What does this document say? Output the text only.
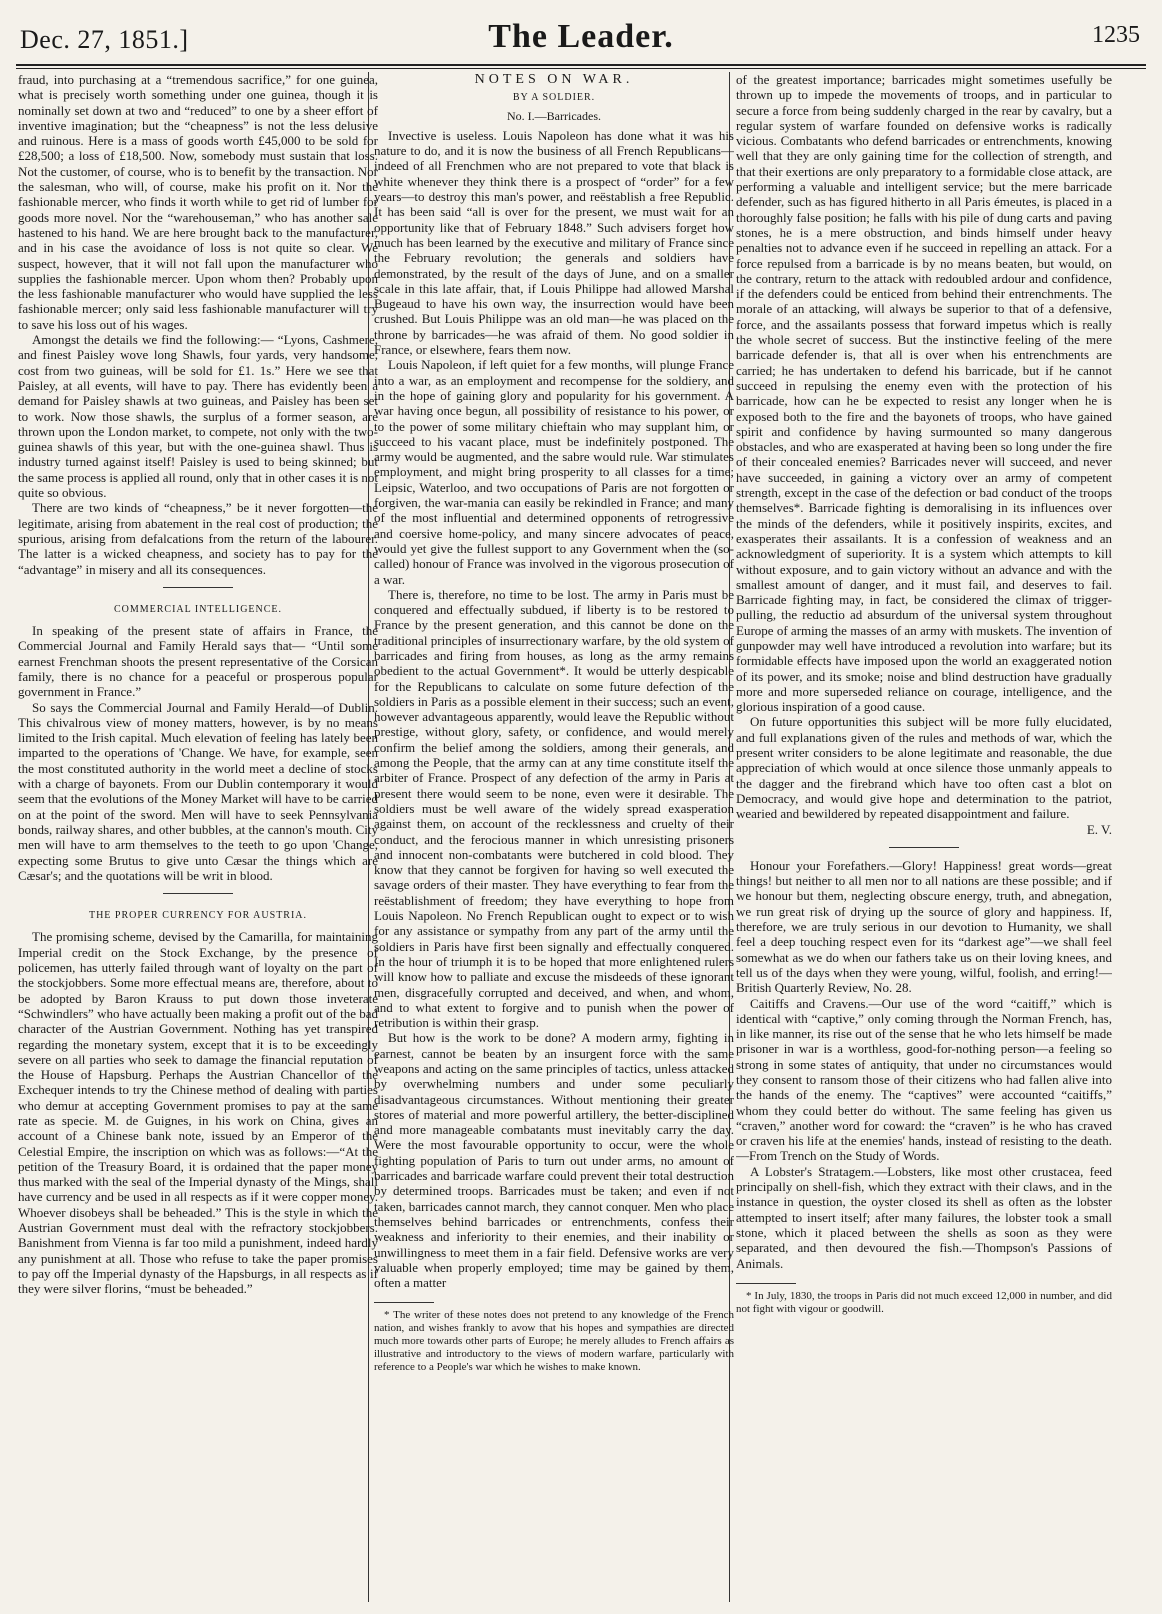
Dec. 27, 1851.]	The Leader.	1235

fraud, into purchasing at a “tremendous sacrifice,” for one guinea, what is precisely worth something under one guinea, though it is nominally set down at two and “reduced” to one by a sheer effort of inventive imagination; but the “cheapness” is not the less delusive and ruinous. Here is a mass of goods worth £45,000 to be sold for £28,500; a loss of £18,500. Now, somebody must sustain that loss. Not the customer, of course, who is to benefit by the transaction. Nor the salesman, who will, of course, make his profit on it. Nor the fashionable mercer, who finds it worth while to get rid of lumber for goods more novel. Nor the “warehouseman,” who has another sale hastened to his hand. We are here brought back to the manufacturer, and in his case the avoidance of loss is not quite so clear. We suspect, however, that it will not fall upon the manufacturer who supplies the fashionable mercer. Upon whom then? Probably upon the less fashionable manufacturer who would have supplied the less fashionable mercer; only said less fashionable manufacturer will try to save his loss out of his wages.

Amongst the details we find the following:— “Lyons, Cashmere, and finest Paisley wove long Shawls, four yards, very handsome, cost from two guineas, will be sold for £1. 1s.” Here we see that Paisley, at all events, will have to pay. There has evidently been a demand for Paisley shawls at two guineas, and Paisley has been set to work. Now those shawls, the surplus of a former season, are thrown upon the London market, to compete, not only with the two-guinea shawls of this year, but with the one-guinea shawl. Thus is industry turned against itself! Paisley is used to being skinned; but the same process is applied all round, only that in other cases it is not quite so obvious.

There are two kinds of “cheapness,” be it never forgotten—the legitimate, arising from abatement in the real cost of production; the spurious, arising from defalcations from the return of the labourer. The latter is a wicked cheapness, and society has to pay for the “advantage” in misery and all its consequences.

COMMERCIAL INTELLIGENCE.

In speaking of the present state of affairs in France, the Commercial Journal and Family Herald says that— “Until some earnest Frenchman shoots the present representative of the Corsican family, there is no chance for a peaceful or prosperous popular government in France.”

So says the Commercial Journal and Family Herald—of Dublin. This chivalrous view of money matters, however, is by no means limited to the Irish capital. Much elevation of feeling has lately been imparted to the operations of 'Change. We have, for example, seen the most constituted authority in the world meet a decline of stocks with a charge of bayonets. From our Dublin contemporary it would seem that the evolutions of the Money Market will have to be carried on at the point of the sword. Men will have to seek Pennsylvania bonds, railway shares, and other bubbles, at the cannon's mouth. City men will have to arm themselves to the teeth to go upon 'Change, expecting some Brutus to give unto Cæsar the things which are Cæsar's; and the quotations will be writ in blood.

THE PROPER CURRENCY FOR AUSTRIA.

The promising scheme, devised by the Camarilla, for maintaining Imperial credit on the Stock Exchange, by the presence of policemen, has utterly failed through want of loyalty on the part of the stockjobbers. Some more effectual means are, therefore, about to be adopted by Baron Krauss to put down those inveterate “Schwindlers” who have actually been making a profit out of the bad character of the Austrian Government. Nothing has yet transpired regarding the monetary system, except that it is to be exceedingly severe on all parties who seek to damage the financial reputation of the House of Hapsburg. Perhaps the Austrian Chancellor of the Exchequer intends to try the Chinese method of dealing with parties who demur at accepting Government promises to pay at the same rate as specie. M. de Guignes, in his work on China, gives an account of a Chinese bank note, issued by an Emperor of the Celestial Empire, the inscription on which was as follows:—“At the petition of the Treasury Board, it is ordained that the paper money thus marked with the seal of the Imperial dynasty of the Mings, shall have currency and be used in all respects as if it were copper money. Whoever disobeys shall be beheaded.” This is the style in which the Austrian Government must deal with the refractory stockjobbers. Banishment from Vienna is far too mild a punishment, indeed hardly any punishment at all. Those who refuse to take the paper promises to pay off the Imperial dynasty of the Hapsburgs, in all respects as if they were silver florins, “must be beheaded.”

NOTES ON WAR.
BY A SOLDIER.
No. I.—Barricades.

Invective is useless. Louis Napoleon has done what it was his nature to do, and it is now the business of all French Republicans—indeed of all Frenchmen who are not prepared to vote that black is white whenever they think there is a prospect of “order” for a few years—to destroy this man's power, and reëstablish a free Republic. It has been said “all is over for the present, we must wait for an opportunity like that of February 1848.” Such advisers forget how much has been learned by the executive and military of France since the February revolution; the generals and soldiers have demonstrated, by the result of the days of June, and on a smaller scale in this late affair, that, if Louis Philippe had allowed Marshal Bugeaud to have his own way, the insurrection would have been crushed. But Louis Philippe was an old man—he was placed on the throne by barricades—he was afraid of them. No good soldier in France, or elsewhere, fears them now.

Louis Napoleon, if left quiet for a few months, will plunge France into a war, as an employment and recompense for the soldiery, and in the hope of gaining glory and popularity for his government. A war having once begun, all possibility of resistance to his power, or to the power of some military chieftain who may supplant him, or succeed to his vacant place, must be indefinitely postponed. The army would be augmented, and the sabre would rule. War stimulates employment, and might bring prosperity to all classes for a time; Leipsic, Waterloo, and two occupations of Paris are not forgotten or forgiven, the war-mania can easily be rekindled in France; and many of the most influential and determined opponents of retrogressive and coersive home-policy, and many sincere advocates of peace, would yet give the fullest support to any Government when the (so-called) honour of France was involved in the vigorous prosecution of a war.

There is, therefore, no time to be lost. The army in Paris must be conquered and effectually subdued, if liberty is to be restored to France by the present generation, and this cannot be done on the traditional principles of insurrectionary warfare, by the old system of barricades and firing from houses, as long as the army remains obedient to the actual Government*. It would be utterly despicable for the Republicans to calculate on some future defection of the soldiers in Paris as a possible element in their success; such an event, however advantageous apparently, would leave the Republic without prestige, without glory, safety, or confidence, and would merely confirm the belief among the soldiers, among their generals, and among the People, that the army can at any time constitute itself the arbiter of France. Prospect of any defection of the army in Paris at present there would seem to be none, even were it desirable. The soldiers must be well aware of the widely spread exasperation against them, on account of the recklessness and cruelty of their conduct, and the ferocious manner in which unresisting prisoners and innocent non-combatants were butchered in cold blood. They know that they cannot be forgiven for having so well executed the savage orders of their master. They have everything to fear from the reëstablishment of freedom; they have everything to hope from Louis Napoleon. No French Republican ought to expect or to wish for any assistance or sympathy from any part of the army until the soldiers in Paris have first been signally and effectually conquered. In the hour of triumph it is to be hoped that more enlightened rulers will know how to palliate and excuse the misdeeds of these ignorant men, disgracefully corrupted and deceived, and when, and whom, and to what extent to forgive and to punish when the power of retribution is within their grasp.

But how is the work to be done? A modern army, fighting in earnest, cannot be beaten by an insurgent force with the same weapons and acting on the same principles of tactics, unless attacked by overwhelming numbers and under some peculiarly disadvantageous circumstances. Without mentioning their greater stores of material and more powerful artillery, the better-disciplined and more manageable combatants must inevitably carry the day. Were the most favourable opportunity to occur, were the whole fighting population of Paris to turn out under arms, no amount of barricades and barricade warfare could prevent their total destruction by determined troops. Barricades must be taken; and even if not taken, barricades cannot march, they cannot conquer. Men who place themselves behind barricades or entrenchments, confess their weakness and inferiority to their enemies, and their inability or unwillingness to meet them in a fair field. Defensive works are very valuable when properly employed; time may be gained by them, often a matter

* The writer of these notes does not pretend to any knowledge of the French nation, and wishes frankly to avow that his hopes and sympathies are directed much more towards other parts of Europe; he merely alludes to French affairs as illustrative and introductory to the views of modern warfare, particularly with reference to a People's war which he wishes to make known.

of the greatest importance; barricades might sometimes usefully be thrown up to impede the movements of troops, and in particular to secure a force from being suddenly charged in the rear by cavalry, but a regular system of warfare founded on defensive works is radically vicious. Combatants who defend barricades or entrenchments, knowing well that they are only gaining time for the collection of strength, and that their exertions are only preparatory to a formidable close attack, are performing a valuable and intelligent service; but the mere barricade defender, such as has figured hitherto in all Paris émeutes, is placed in a thoroughly false position; he falls with his pile of dung carts and paving stones, he is a mere obstruction, and binds himself under heavy penalties not to advance even if he succeed in repelling an attack. For a force repulsed from a barricade is by no means beaten, but would, on the contrary, return to the attack with redoubled ardour and confidence, if the defenders could be enticed from behind their entrenchments. The morale of an attacking, will always be superior to that of a defensive, force, and the assailants possess that forward impetus which is really the whole secret of success. But the instinctive feeling of the mere barricade defender is, that all is over when his entrenchments are carried; he has undertaken to defend his barricade, but if he cannot succeed in repulsing the enemy even with the protection of his barricade, how can he be expected to resist any longer when he is exposed both to the fire and the bayonets of troops, who have gained spirit and confidence by having surmounted so many dangerous obstacles, and who are exasperated at having been so long under the fire of their concealed enemies? Barricades never will succeed, and never have succeeded, in gaining a victory over an army of competent strength, except in the case of the defection or bad conduct of the troops themselves*. Barricade fighting is demoralising in its influences over the minds of the defenders, while it positively inspirits, excites, and exasperates their assailants. It is a confession of weakness and an acknowledgment of superiority. It is a system which attempts to kill without exposure, and to gain victory without an advance and with the smallest amount of danger, and it must fail, and deserves to fail. Barricade fighting may, in fact, be considered the climax of trigger-pulling, the reductio ad absurdum of the universal system throughout Europe of arming the masses of an army with muskets. The invention of gunpowder may well have introduced a revolution into warfare; but its formidable effects have imposed upon the world an exaggerated notion of its power, and its smoke; noise and blind destruction have gradually more and more superseded reliance on courage, intelligence, and the glorious inspiration of a good cause.

On future opportunities this subject will be more fully elucidated, and full explanations given of the rules and methods of war, which the present writer considers to be alone legitimate and reasonable, the due appreciation of which would at once silence those unmanly appeals to the dagger and the firebrand which have too often cast a blot on Democracy, and would give hope and determination to the patriot, wearied and bewildered by repeated disappointment and failure.

E. V.

Honour your Forefathers.—Glory! Happiness! great words—great things! but neither to all men nor to all nations are these possible; and if we honour but them, neglecting obscure energy, truth, and abnegation, we run great risk of drying up the source of glory and happiness. If, therefore, we are truly serious in our devotion to Humanity, we shall feel a deep touching respect even for its “darkest age”—we shall feel somewhat as we do when our fathers take us on their loving knees, and tell us of the days when they were young, wilful, foolish, and erring!—British Quarterly Review, No. 28.

Caitiffs and Cravens.—Our use of the word “caitiff,” which is identical with “captive,” only coming through the Norman French, has, in like manner, its rise out of the sense that he who lets himself be made prisoner in war is a worthless, good-for-nothing person—a feeling so strong in some states of antiquity, that under no circumstances would they consent to ransom those of their citizens who had fallen alive into the hands of the enemy. The “captives” were accounted “caitiffs,” whom they could better do without. The same feeling has given us “craven,” another word for coward: the “craven” is he who has craved or craven his life at the enemies' hands, instead of resisting to the death.—From Trench on the Study of Words.

A Lobster's Stratagem.—Lobsters, like most other crustacea, feed principally on shell-fish, which they extract with their claws, and in the instance in question, the oyster closed its shell as often as the lobster attempted to insert itself; after many failures, the lobster took a small stone, which it placed between the shells as soon as they were separated, and then devoured the fish.—Thompson's Passions of Animals.

* In July, 1830, the troops in Paris did not much exceed 12,000 in number, and did not fight with vigour or goodwill.
